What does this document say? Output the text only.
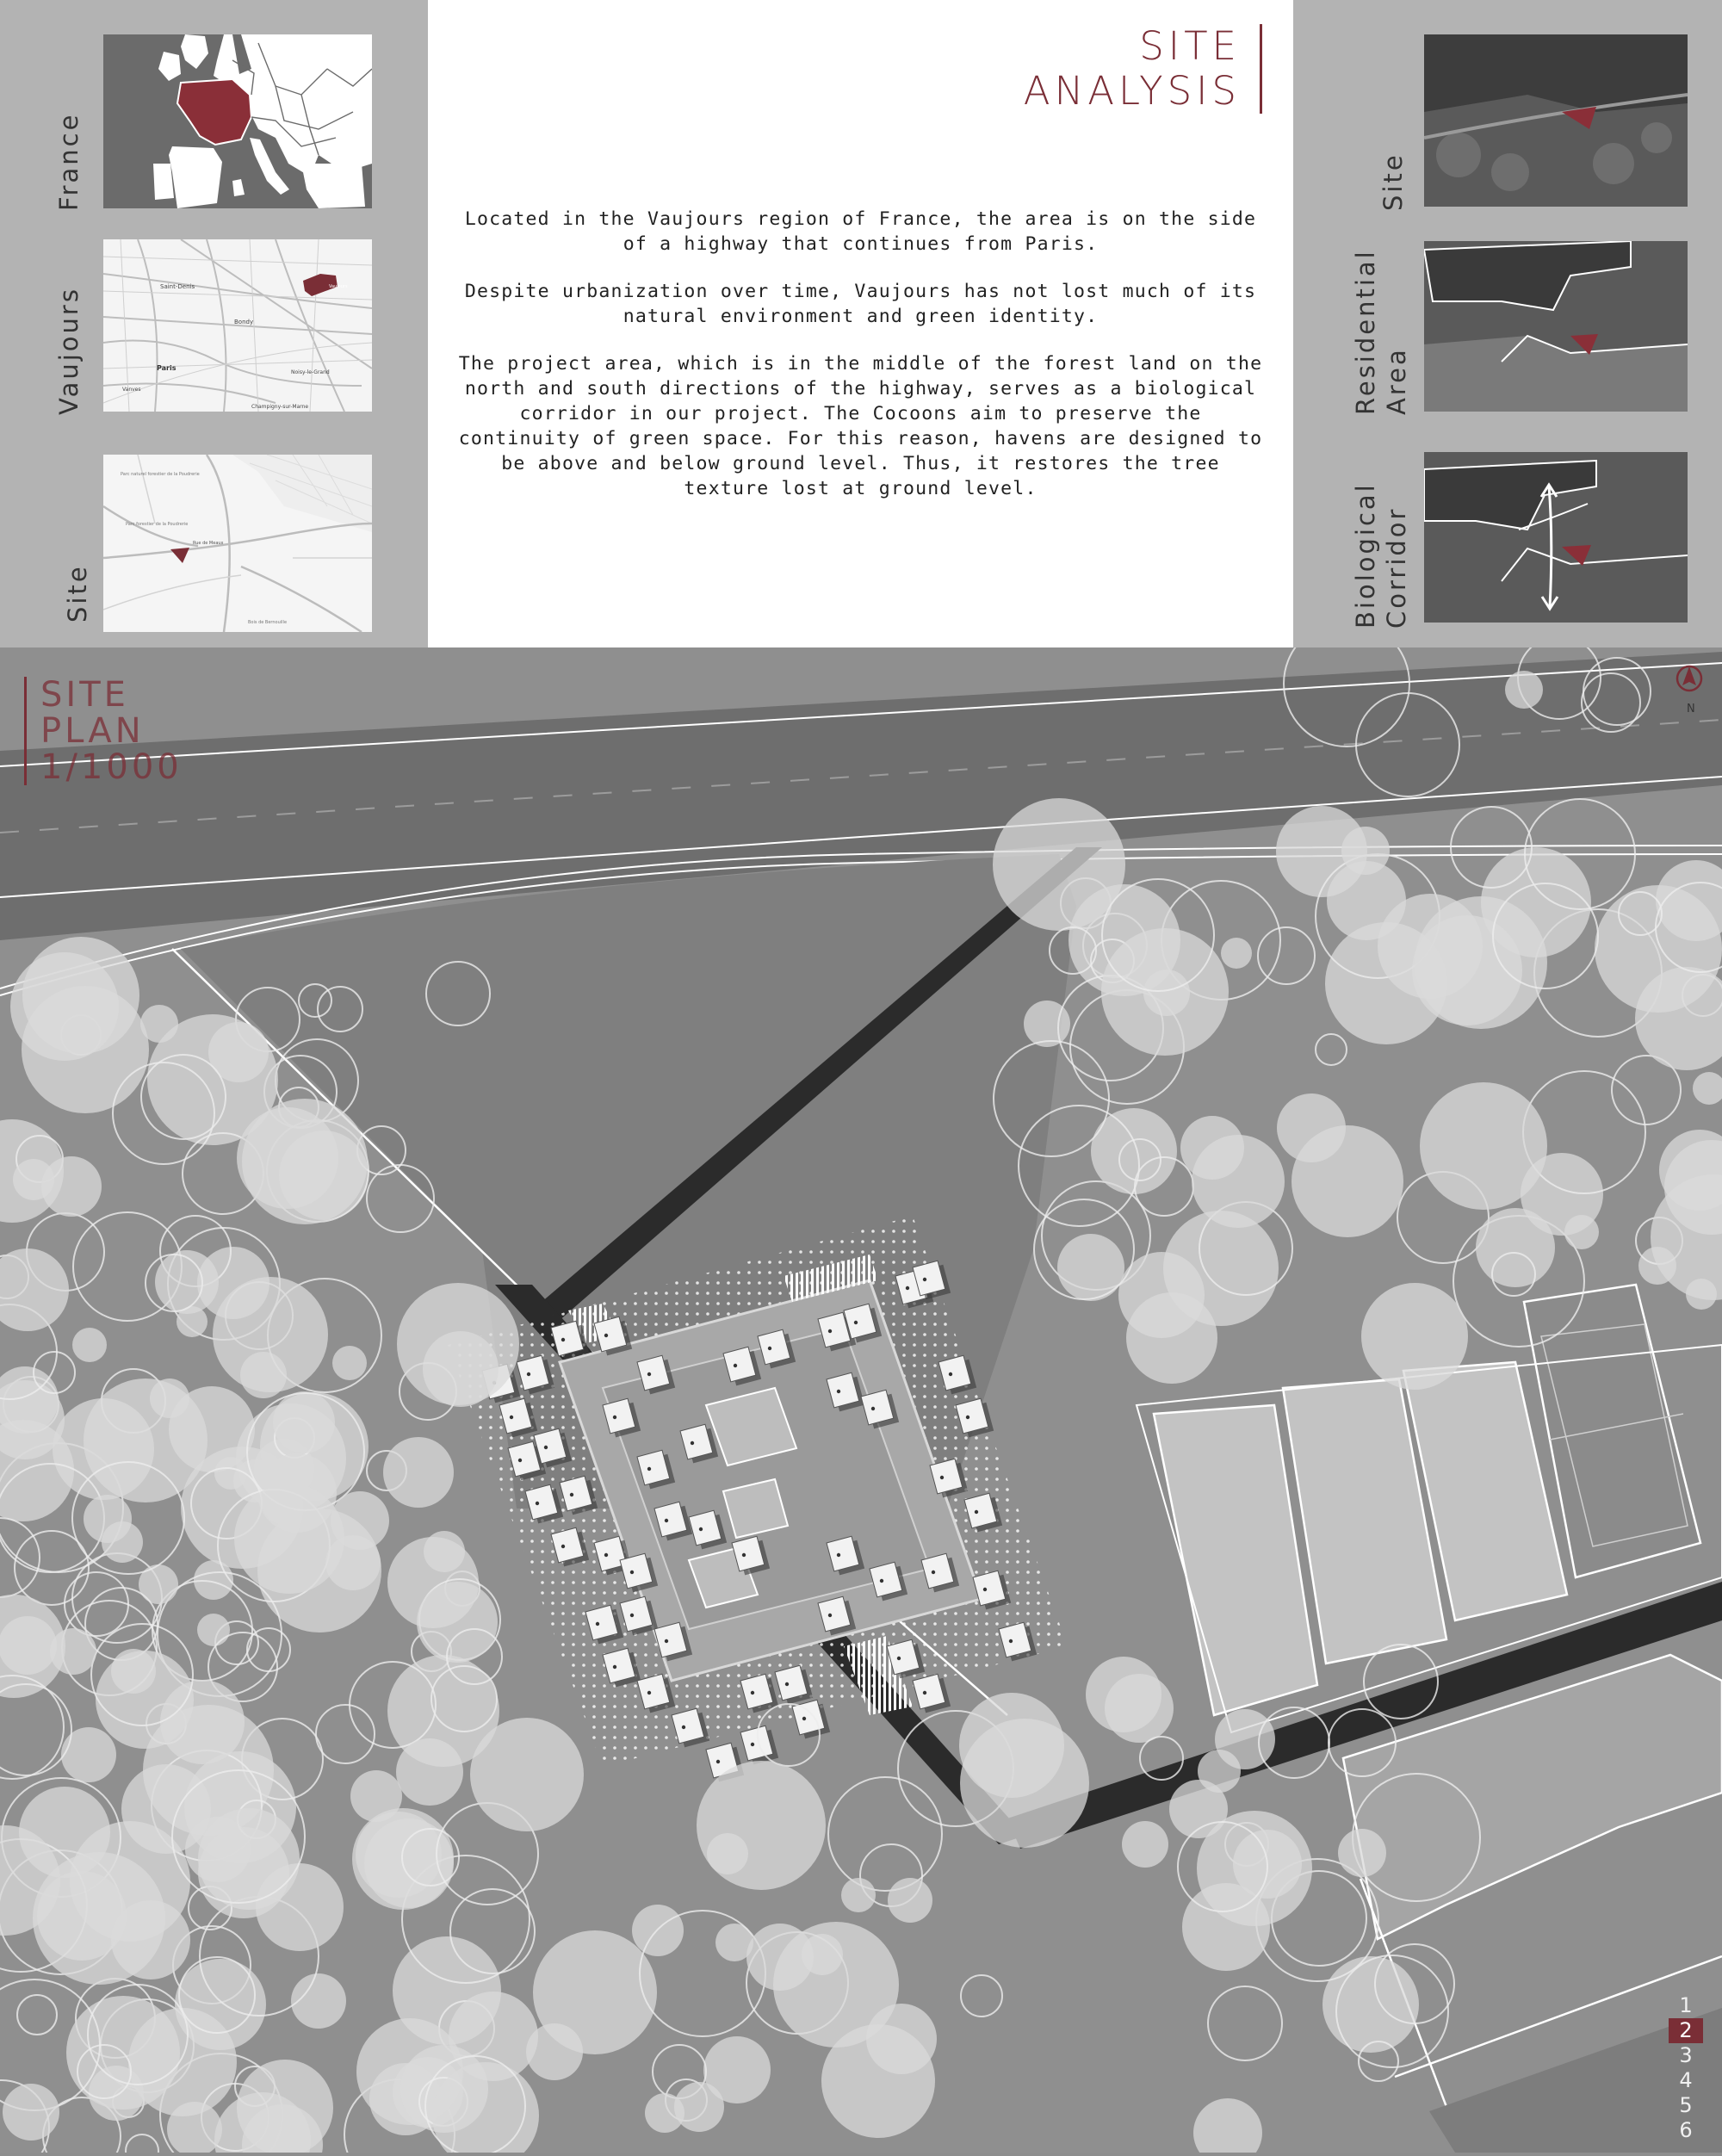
France
Vaujours
Site
Saint-Denis
Bondy
Paris
Vanves
Noisy-le-Grand
Champigny-sur-Marne
Vaujours
Parc naturel forestier de la Poudrerie
Parc forestier de la Poudrerie
Rue de Meaux
Bois de Bernouille
SITE
ANALYSIS

Located in the Vaujours region of France, the area is on the side of a highway that continues from Paris.

Despite urbanization over time, Vaujours has not lost much of its natural environment and green identity.

The project area, which is in the middle of the forest land on the north and south directions of the highway, serves as a biological corridor in our project. The Cocoons aim to preserve the continuity of green space. For this reason, havens are designed to be above and below ground level. Thus, it restores the tree texture lost at ground level.

Site
Residential
Area
Biological
Corridor
N
SITE
PLAN
1/1000
1
2
3
4
5
6
